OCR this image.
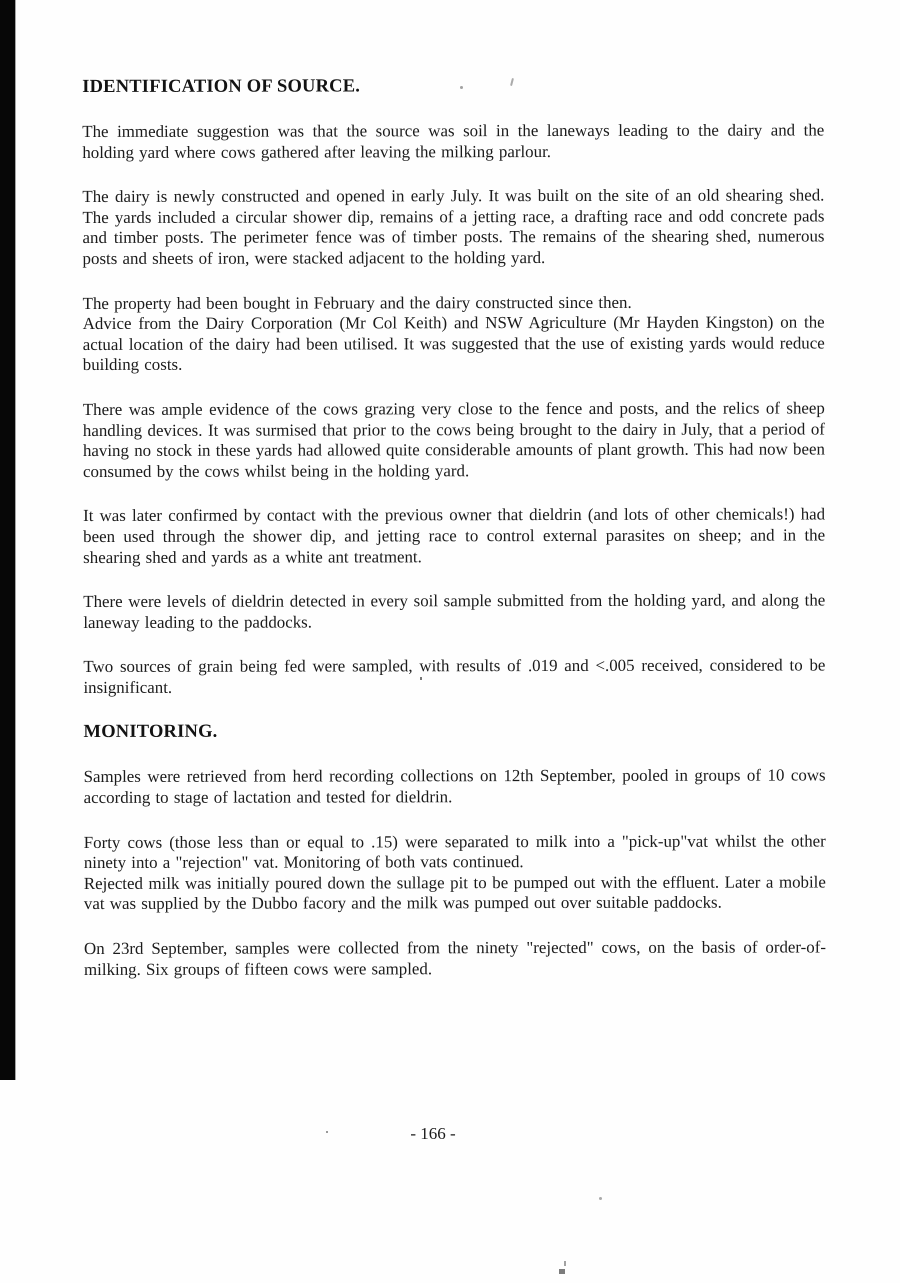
IDENTIFICATION OF SOURCE.

The immediate suggestion was that the source was soil in the laneways leading to the dairy and the holding yard where cows gathered after leaving the milking parlour.

The dairy is newly constructed and opened in early July. It was built on the site of an old shearing shed. The yards included a circular shower dip, remains of a jetting race, a drafting race and odd concrete pads and timber posts. The perimeter fence was of timber posts. The remains of the shearing shed, numerous posts and sheets of iron, were stacked adjacent to the holding yard.

The property had been bought in February and the dairy constructed since then.
Advice from the Dairy Corporation (Mr Col Keith) and NSW Agriculture (Mr Hayden Kingston) on the actual location of the dairy had been utilised. It was suggested that the use of existing yards would reduce building costs.

There was ample evidence of the cows grazing very close to the fence and posts, and the relics of sheep handling devices. It was surmised that prior to the cows being brought to the dairy in July, that a period of having no stock in these yards had allowed quite considerable amounts of plant growth. This had now been consumed by the cows whilst being in the holding yard.

It was later confirmed by contact with the previous owner that dieldrin (and lots of other chemicals!) had been used through the shower dip, and jetting race to control external parasites on sheep; and in the shearing shed and yards as a white ant treatment.

There were levels of dieldrin detected in every soil sample submitted from the holding yard, and along the laneway leading to the paddocks.

Two sources of grain being fed were sampled, with results of .019 and <.005 received, considered to be insignificant.

MONITORING.

Samples were retrieved from herd recording collections on 12th September, pooled in groups of 10 cows according to stage of lactation and tested for dieldrin.

Forty cows (those less than or equal to .15) were separated to milk into a "pick-up"vat whilst the other ninety into a "rejection" vat. Monitoring of both vats continued.
Rejected milk was initially poured down the sullage pit to be pumped out with the effluent. Later a mobile vat was supplied by the Dubbo facory and the milk was pumped out over suitable paddocks.

On 23rd September, samples were collected from the ninety "rejected" cows, on the basis of order-of-milking. Six groups of fifteen cows were sampled.

- 166 -
